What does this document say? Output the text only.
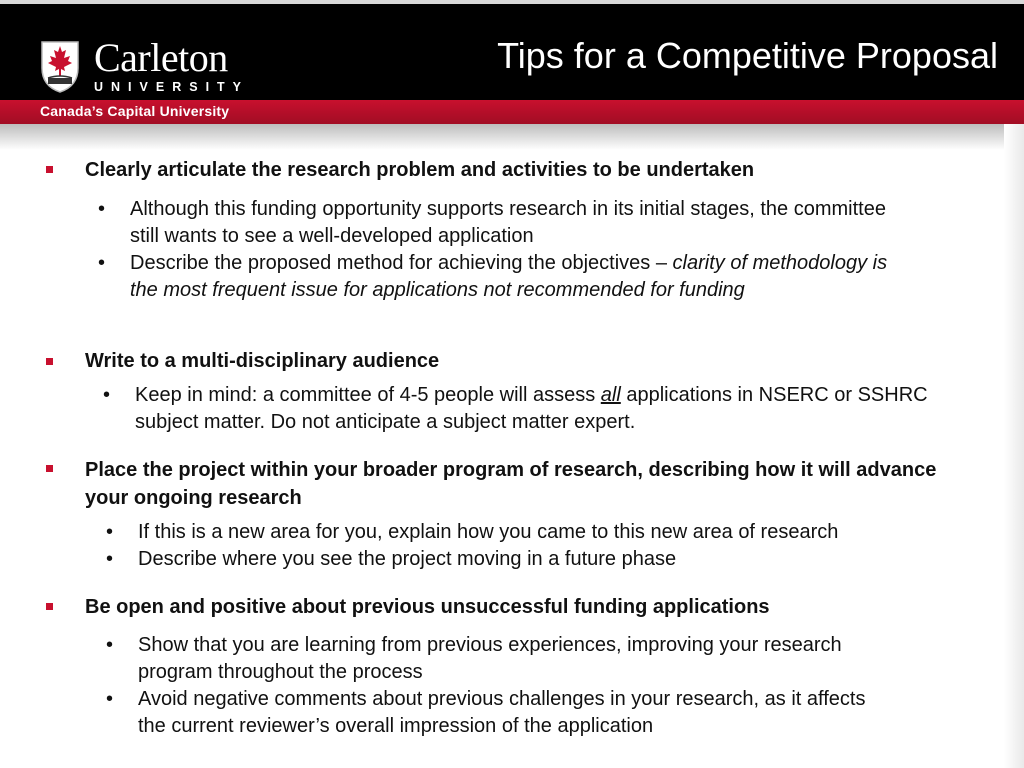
Carleton
UNIVERSITY
Tips for a Competitive Proposal
Canada’s Capital University
Clearly articulate the research problem and activities to be undertaken
• Although this funding opportunity supports research in its initial stages, the committee still wants to see a well-developed application
• Describe the proposed method for achieving the objectives – clarity of methodology is the most frequent issue for applications not recommended for funding
Write to a multi-disciplinary audience
• Keep in mind: a committee of 4-5 people will assess all applications in NSERC or SSHRC subject matter. Do not anticipate a subject matter expert.
Place the project within your broader program of research, describing how it will advance your ongoing research
• If this is a new area for you, explain how you came to this new area of research
• Describe where you see the project moving in a future phase
Be open and positive about previous unsuccessful funding applications
• Show that you are learning from previous experiences, improving your research program throughout the process
• Avoid negative comments about previous challenges in your research, as it affects the current reviewer’s overall impression of the application
